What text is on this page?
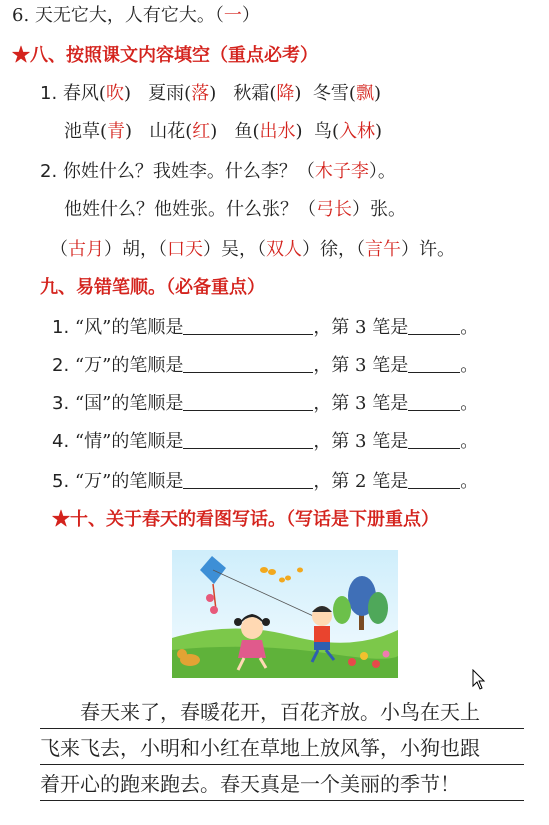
6. 天无它大，人有它大。（一）
★八、按照课文内容填空（重点必考）
1. 春风(吹) 夏雨(落) 秋霜(降) 冬雪(飘)
池草(青) 山花(红) 鱼(出水) 鸟(入林)
2. 你姓什么？我姓李。什么李？（木子李）。
他姓什么？他姓张。什么张？（弓长）张。
（古月）胡，（口天）吴，（双人）徐，（言午）许。
九、易错笔顺。（必备重点）
1. “风”的笔顺是	，第 3 笔是	。
2. “万”的笔顺是	，第 3 笔是	。
3. “国”的笔顺是	，第 3 笔是	。
4. “情”的笔顺是	，第 3 笔是	。
5. “万”的笔顺是	，第 2 笔是	。
★十、关于春天的看图写话。（写话是下册重点）
春天来了，春暖花开，百花齐放。小鸟在天上
飞来飞去，小明和小红在草地上放风筝，小狗也跟
着开心的跑来跑去。春天真是一个美丽的季节！
